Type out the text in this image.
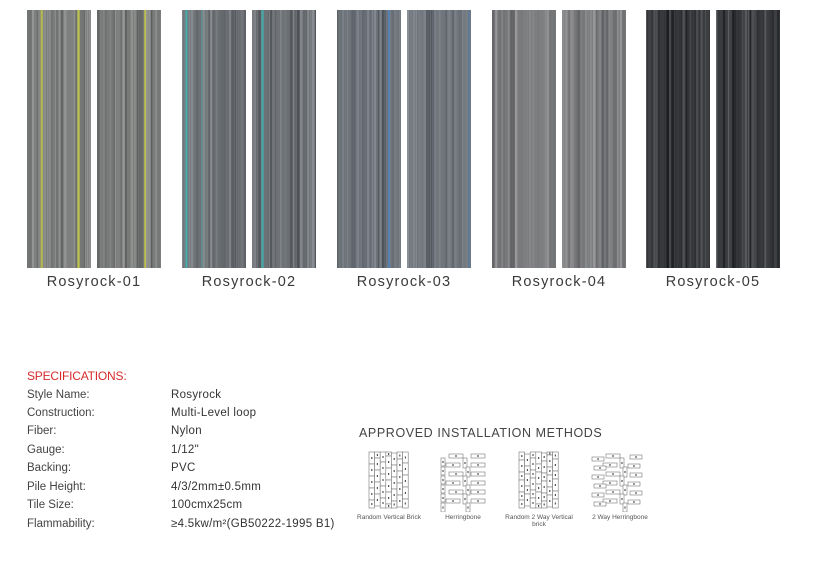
Rosyrock-01	Rosyrock-02	Rosyrock-03	Rosyrock-04	Rosyrock-05
SPECIFICATIONS:
Style Name:	Rosyrock
Construction:	Multi-Level loop
Fiber:	Nylon
Gauge:	1/12"
Backing:	PVC
Pile Height:	4/3/2mm±0.5mm
Tile Size:	100cmx25cm
Flammability:	≥4.5kw/m²(GB50222-1995 B1)
APPROVED INSTALLATION METHODS
Random Vertical Brick	Herringbone	Random 2 Way Vertical brick
2 Way Herringbone
